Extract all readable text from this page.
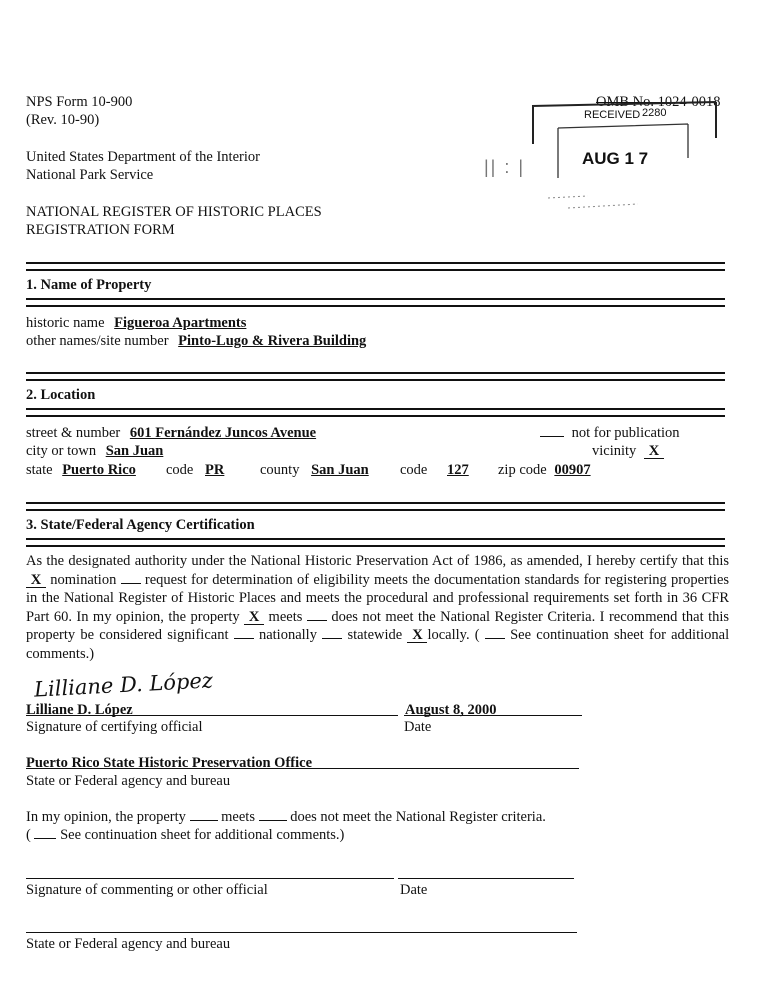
NPS Form 10-900
(Rev. 10-90)
OMB No. 1024-0018
United States Department of the Interior
National Park Service
NATIONAL REGISTER OF HISTORIC PLACES
REGISTRATION FORM
RECEIVED 2280
AUG 1 7
|| : |
1. Name of Property
historic name Figueroa Apartments
other names/site number Pinto-Lugo & Rivera Building
2. Location
street & number 601 Fernández Juncos Avenue	not for publication
city or town San Juan	vicinity X
state Puerto Rico code PR county San Juan code 127 zip code 00907
3. State/Federal Agency Certification
As the designated authority under the National Historic Preservation Act of 1986, as amended, I hereby certify that this X nomination request for determination of eligibility meets the documentation standards for registering properties in the National Register of Historic Places and meets the procedural and professional requirements set forth in 36 CFR Part 60. In my opinion, the property X meets does not meet the National Register Criteria. I recommend that this property be considered significant nationally statewide X locally. ( See continuation sheet for additional comments.)
Lilliane D. López
Lilliane D. López
Signature of certifying official
August 8, 2000
Date
Puerto Rico State Historic Preservation Office
State or Federal agency and bureau
In my opinion, the property meets does not meet the National Register criteria.
( See continuation sheet for additional comments.)
Signature of commenting or other official	Date
State or Federal agency and bureau
